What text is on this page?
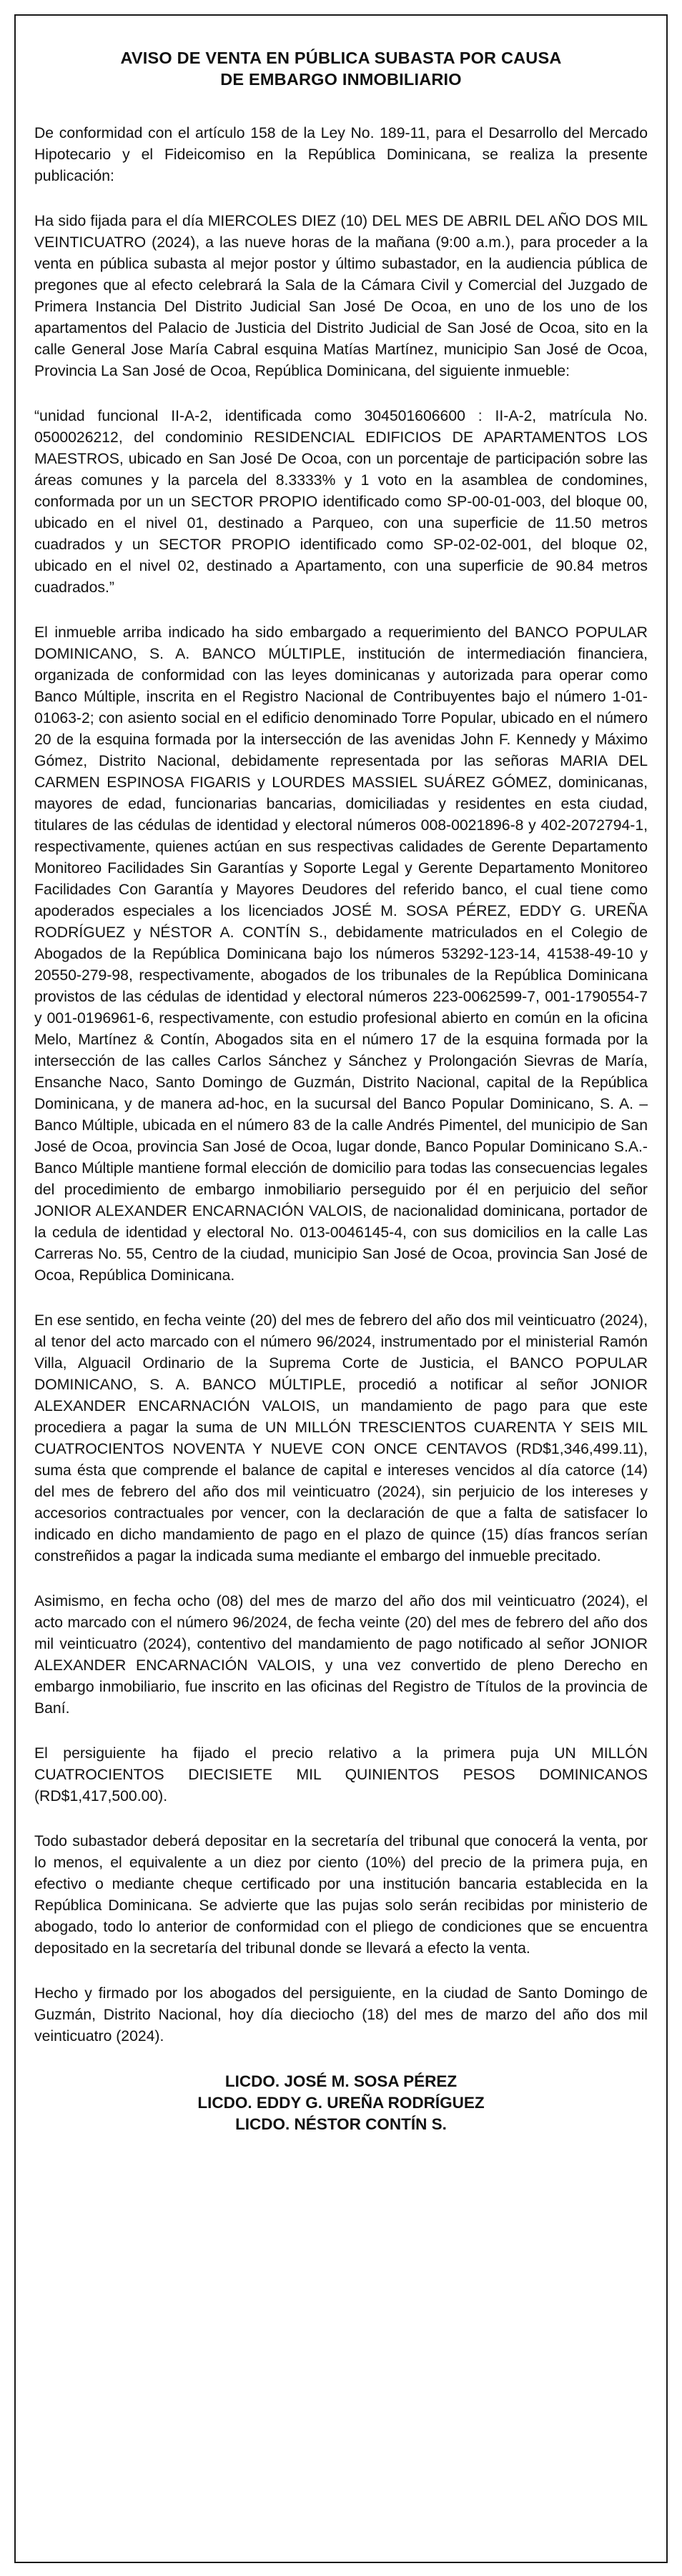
AVISO DE VENTA EN PÚBLICA SUBASTA POR CAUSA
DE EMBARGO INMOBILIARIO

De conformidad con el artículo 158 de la Ley No. 189-11, para el Desarrollo del Mercado Hipotecario y el Fideicomiso en la República Dominicana, se realiza la presente publicación:

Ha sido fijada para el día MIERCOLES DIEZ (10) DEL MES DE ABRIL DEL AÑO DOS MIL VEINTICUATRO (2024), a las nueve horas de la mañana (9:00 a.m.), para proceder a la venta en pública subasta al mejor postor y último subastador, en la audiencia pública de pregones que al efecto celebrará la Sala de la Cámara Civil y Comercial del Juzgado de Primera Instancia Del Distrito Judicial San José De Ocoa, en uno de los uno de los apartamentos del Palacio de Justicia del Distrito Judicial de San José de Ocoa, sito en la calle General Jose María Cabral esquina Matías Martínez, municipio San José de Ocoa, Provincia La San José de Ocoa, República Dominicana, del siguiente inmueble:

“unidad funcional II-A-2, identificada como 304501606600 : II-A-2, matrícula No. 0500026212, del condominio RESIDENCIAL EDIFICIOS DE APARTAMENTOS LOS MAESTROS, ubicado en San José De Ocoa, con un porcentaje de participación sobre las áreas comunes y la parcela del 8.3333% y 1 voto en la asamblea de condomines, conformada por un un SECTOR PROPIO identificado como SP-00-01-003, del bloque 00, ubicado en el nivel 01, destinado a Parqueo, con una superficie de 11.50 metros cuadrados y un SECTOR PROPIO identificado como SP-02-02-001, del bloque 02, ubicado en el nivel 02, destinado a Apartamento, con una superficie de 90.84 metros cuadrados.”

El inmueble arriba indicado ha sido embargado a requerimiento del BANCO POPULAR DOMINICANO, S. A. BANCO MÚLTIPLE, institución de intermediación financiera, organizada de conformidad con las leyes dominicanas y autorizada para operar como Banco Múltiple, inscrita en el Registro Nacional de Contribuyentes bajo el número 1-01-01063-2; con asiento social en el edificio denominado Torre Popular, ubicado en el número 20 de la esquina formada por la intersección de las avenidas John F. Kennedy y Máximo Gómez, Distrito Nacional, debidamente representada por las señoras MARIA DEL CARMEN ESPINOSA FIGARIS y LOURDES MASSIEL SUÁREZ GÓMEZ, dominicanas, mayores de edad, funcionarias bancarias, domiciliadas y residentes en esta ciudad, titulares de las cédulas de identidad y electoral números 008-0021896-8 y 402-2072794-1, respectivamente, quienes actúan en sus respectivas calidades de Gerente Departamento Monitoreo Facilidades Sin Garantías y Soporte Legal y Gerente Departamento Monitoreo Facilidades Con Garantía y Mayores Deudores del referido banco, el cual tiene como apoderados especiales a los licenciados JOSÉ M. SOSA PÉREZ, EDDY G. UREÑA RODRÍGUEZ y NÉSTOR A. CONTÍN S., debidamente matriculados en el Colegio de Abogados de la República Dominicana bajo los números 53292-123-14, 41538-49-10 y 20550-279-98, respectivamente, abogados de los tribunales de la República Dominicana provistos de las cédulas de identidad y electoral números 223-0062599-7, 001-1790554-7 y 001-0196961-6, respectivamente, con estudio profesional abierto en común en la oficina Melo, Martínez & Contín, Abogados sita en el número 17 de la esquina formada por la intersección de las calles Carlos Sánchez y Sánchez y Prolongación Sievras de María, Ensanche Naco, Santo Domingo de Guzmán, Distrito Nacional, capital de la República Dominicana, y de manera ad-hoc, en la sucursal del Banco Popular Dominicano, S. A. – Banco Múltiple, ubicada en el número 83 de la calle Andrés Pimentel, del municipio de San José de Ocoa, provincia San José de Ocoa, lugar donde, Banco Popular Dominicano S.A.- Banco Múltiple mantiene formal elección de domicilio para todas las consecuencias legales del procedimiento de embargo inmobiliario perseguido por él en perjuicio del señor JONIOR ALEXANDER ENCARNACIÓN VALOIS, de nacionalidad dominicana, portador de la cedula de identidad y electoral No. 013-0046145-4, con sus domicilios en la calle Las Carreras No. 55, Centro de la ciudad, municipio San José de Ocoa, provincia San José de Ocoa, República Dominicana.

En ese sentido, en fecha veinte (20) del mes de febrero del año dos mil veinticuatro (2024), al tenor del acto marcado con el número 96/2024, instrumentado por el ministerial Ramón Villa, Alguacil Ordinario de la Suprema Corte de Justicia, el BANCO POPULAR DOMINICANO, S. A. BANCO MÚLTIPLE, procedió a notificar al señor JONIOR ALEXANDER ENCARNACIÓN VALOIS, un mandamiento de pago para que este procediera a pagar la suma de UN MILLÓN TRESCIENTOS CUARENTA Y SEIS MIL CUATROCIENTOS NOVENTA Y NUEVE CON ONCE CENTAVOS (RD$1,346,499.11), suma ésta que comprende el balance de capital e intereses vencidos al día catorce (14) del mes de febrero del año dos mil veinticuatro (2024), sin perjuicio de los intereses y accesorios contractuales por vencer, con la declaración de que a falta de satisfacer lo indicado en dicho mandamiento de pago en el plazo de quince (15) días francos serían constreñidos a pagar la indicada suma mediante el embargo del inmueble precitado.

Asimismo, en fecha ocho (08) del mes de marzo del año dos mil veinticuatro (2024), el acto marcado con el número 96/2024, de fecha veinte (20) del mes de febrero del año dos mil veinticuatro (2024), contentivo del mandamiento de pago notificado al señor JONIOR ALEXANDER ENCARNACIÓN VALOIS, y una vez convertido de pleno Derecho en embargo inmobiliario, fue inscrito en las oficinas del Registro de Títulos de la provincia de Baní.

El persiguiente ha fijado el precio relativo a la primera puja UN MILLÓN CUATROCIENTOS DIECISIETE MIL QUINIENTOS PESOS DOMINICANOS (RD$1,417,500.00).

Todo subastador deberá depositar en la secretaría del tribunal que conocerá la venta, por lo menos, el equivalente a un diez por ciento (10%) del precio de la primera puja, en efectivo o mediante cheque certificado por una institución bancaria establecida en la República Dominicana. Se advierte que las pujas solo serán recibidas por ministerio de abogado, todo lo anterior de conformidad con el pliego de condiciones que se encuentra depositado en la secretaría del tribunal donde se llevará a efecto la venta.

Hecho y firmado por los abogados del persiguiente, en la ciudad de Santo Domingo de Guzmán, Distrito Nacional, hoy día dieciocho (18) del mes de marzo del año dos mil veinticuatro (2024).

LICDO. JOSÉ M. SOSA PÉREZ
LICDO. EDDY G. UREÑA RODRÍGUEZ
LICDO. NÉSTOR CONTÍN S.
